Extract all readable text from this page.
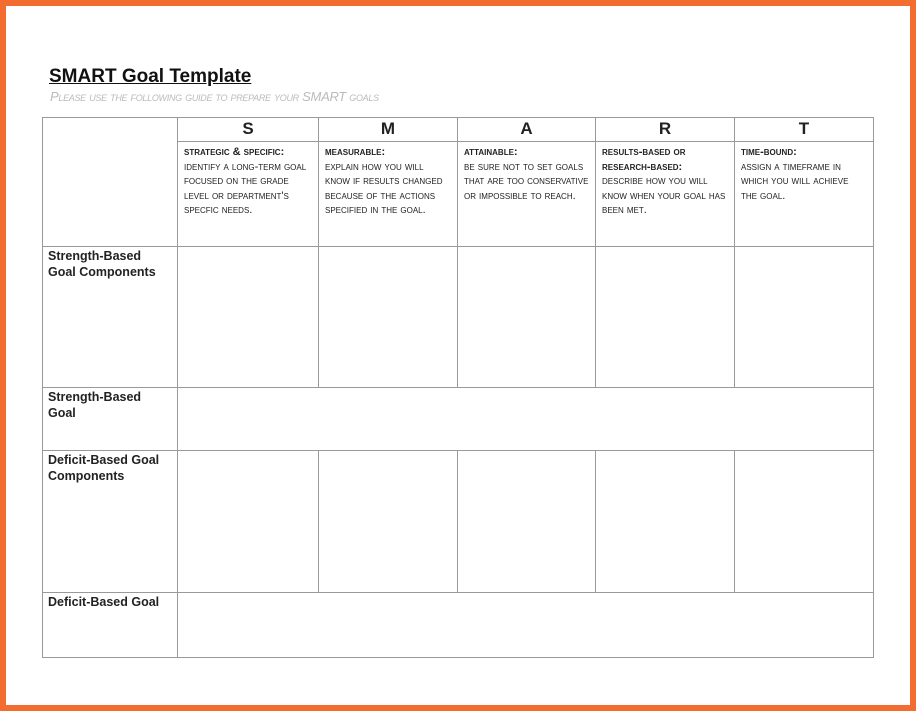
SMART Goal Template
Please use the following guide to prepare your SMART goals
S
strategic & specific:
identify a long-term goal focused on the grade level or department's specfic needs.
M
measurable:
explain how you will know if results changed because of the actions specified in the goal.
A
attainable:
be sure not to set goals that are too conservative or impossible to reach.
R
results-based or research-based:
describe how you will know when your goal has been met.
T
time-bound:
assign a timeframe in which you will achieve the goal.
Strength-Based Goal Components
Strength-Based Goal
Deficit-Based Goal Components
Deficit-Based Goal
